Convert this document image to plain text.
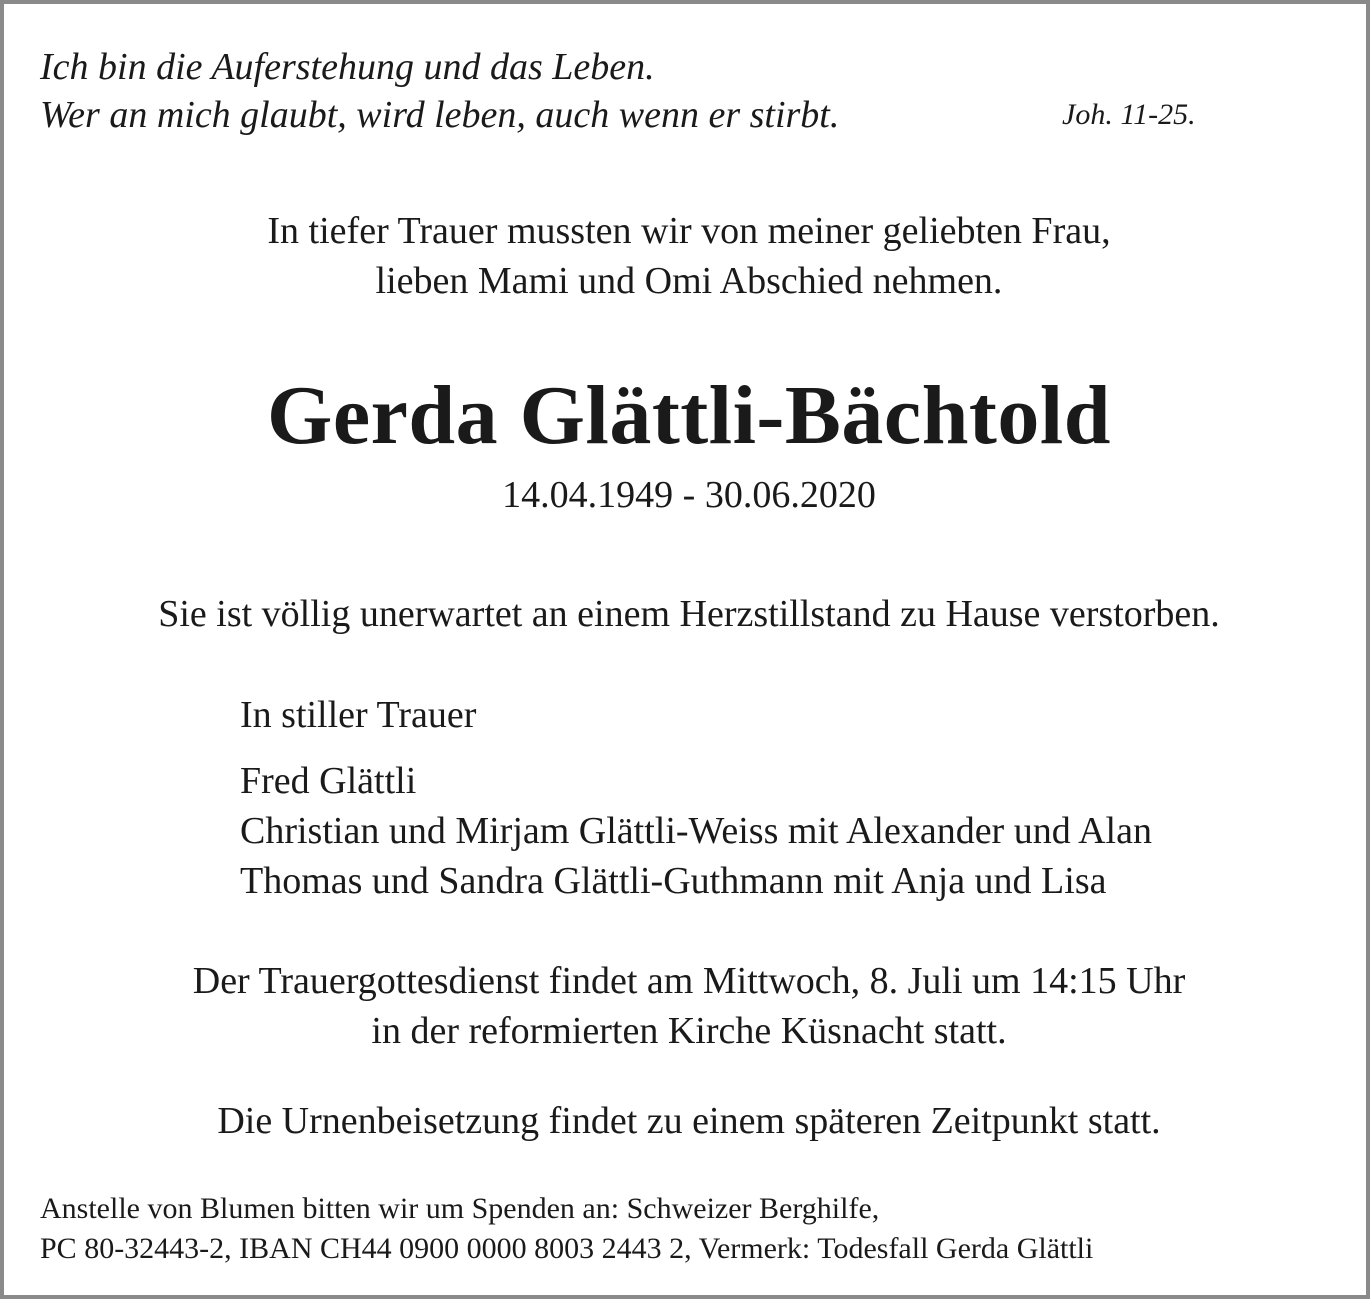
Ich bin die Auferstehung und das Leben.
Wer an mich glaubt, wird leben, auch wenn er stirbt.	Joh. 11-25.
In tiefer Trauer mussten wir von meiner geliebten Frau,
lieben Mami und Omi Abschied nehmen.
Gerda Glättli-Bächtold
14.04.1949 - 30.06.2020
Sie ist völlig unerwartet an einem Herzstillstand zu Hause verstorben.
In stiller Trauer
Fred Glättli
Christian und Mirjam Glättli-Weiss mit Alexander und Alan
Thomas und Sandra Glättli-Guthmann mit Anja und Lisa
Der Trauergottesdienst findet am Mittwoch, 8. Juli um 14:15 Uhr
in der reformierten Kirche Küsnacht statt.
Die Urnenbeisetzung findet zu einem späteren Zeitpunkt statt.
Anstelle von Blumen bitten wir um Spenden an: Schweizer Berghilfe,
PC 80-32443-2, IBAN CH44 0900 0000 8003 2443 2, Vermerk: Todesfall Gerda Glättli
